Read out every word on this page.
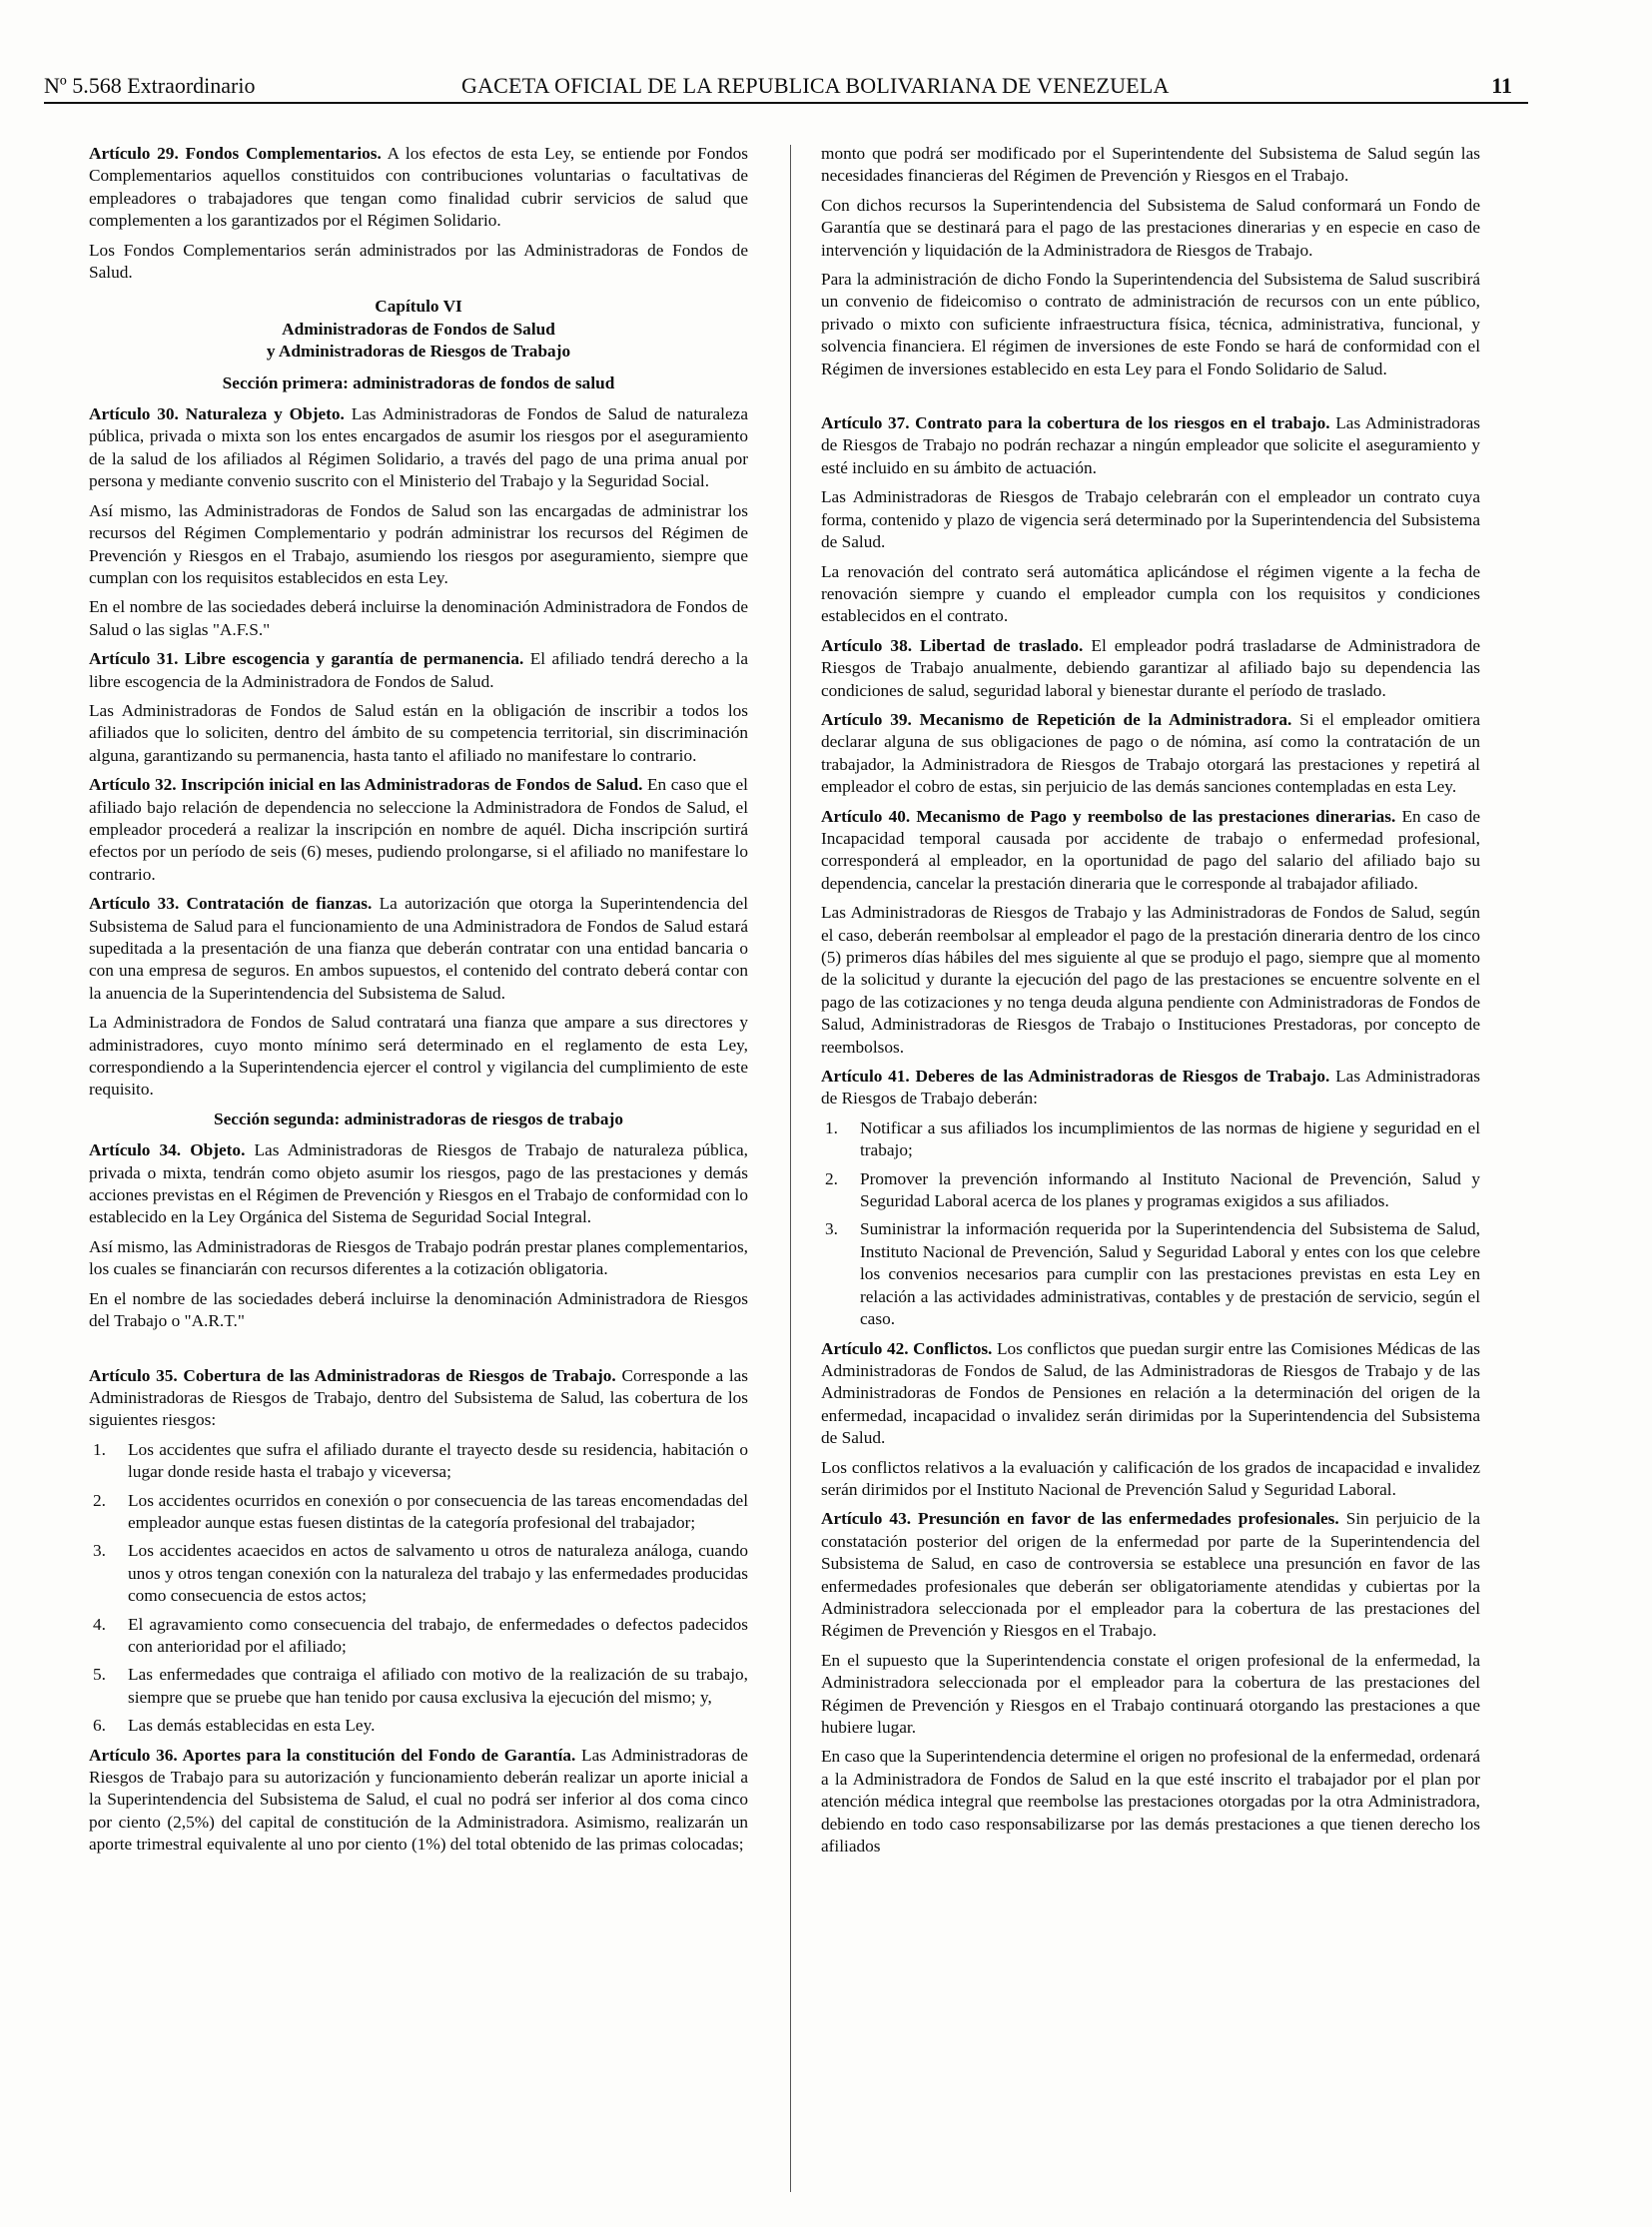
Nº 5.568 Extraordinario	GACETA OFICIAL DE LA REPUBLICA BOLIVARIANA DE VENEZUELA	11

Artículo 29. Fondos Complementarios. A los efectos de esta Ley, se entiende por Fondos Complementarios aquellos constituidos con contribuciones voluntarias o facultativas de empleadores o trabajadores que tengan como finalidad cubrir servicios de salud que complementen a los garantizados por el Régimen Solidario.

Los Fondos Complementarios serán administrados por las Administradoras de Fondos de Salud.

Capítulo VI

Administradoras de Fondos de Salud

y Administradoras de Riesgos de Trabajo

Sección primera: administradoras de fondos de salud

Artículo 30. Naturaleza y Objeto. Las Administradoras de Fondos de Salud de naturaleza pública, privada o mixta son los entes encargados de asumir los riesgos por el aseguramiento de la salud de los afiliados al Régimen Solidario, a través del pago de una prima anual por persona y mediante convenio suscrito con el Ministerio del Trabajo y la Seguridad Social.

Así mismo, las Administradoras de Fondos de Salud son las encargadas de administrar los recursos del Régimen Complementario y podrán administrar los recursos del Régimen de Prevención y Riesgos en el Trabajo, asumiendo los riesgos por aseguramiento, siempre que cumplan con los requisitos establecidos en esta Ley.

En el nombre de las sociedades deberá incluirse la denominación Administradora de Fondos de Salud o las siglas "A.F.S."

Artículo 31. Libre escogencia y garantía de permanencia. El afiliado tendrá derecho a la libre escogencia de la Administradora de Fondos de Salud.

Las Administradoras de Fondos de Salud están en la obligación de inscribir a todos los afiliados que lo soliciten, dentro del ámbito de su competencia territorial, sin discriminación alguna, garantizando su permanencia, hasta tanto el afiliado no manifestare lo contrario.

Artículo 32. Inscripción inicial en las Administradoras de Fondos de Salud. En caso que el afiliado bajo relación de dependencia no seleccione la Administradora de Fondos de Salud, el empleador procederá a realizar la inscripción en nombre de aquél. Dicha inscripción surtirá efectos por un período de seis (6) meses, pudiendo prolongarse, si el afiliado no manifestare lo contrario.

Artículo 33. Contratación de fianzas. La autorización que otorga la Superintendencia del Subsistema de Salud para el funcionamiento de una Administradora de Fondos de Salud estará supeditada a la presentación de una fianza que deberán contratar con una entidad bancaria o con una empresa de seguros. En ambos supuestos, el contenido del contrato deberá contar con la anuencia de la Superintendencia del Subsistema de Salud.

La Administradora de Fondos de Salud contratará una fianza que ampare a sus directores y administradores, cuyo monto mínimo será determinado en el reglamento de esta Ley, correspondiendo a la Superintendencia ejercer el control y vigilancia del cumplimiento de este requisito.

Sección segunda: administradoras de riesgos de trabajo

Artículo 34. Objeto. Las Administradoras de Riesgos de Trabajo de naturaleza pública, privada o mixta, tendrán como objeto asumir los riesgos, pago de las prestaciones y demás acciones previstas en el Régimen de Prevención y Riesgos en el Trabajo de conformidad con lo establecido en la Ley Orgánica del Sistema de Seguridad Social Integral.

Así mismo, las Administradoras de Riesgos de Trabajo podrán prestar planes complementarios, los cuales se financiarán con recursos diferentes a la cotización obligatoria.

En el nombre de las sociedades deberá incluirse la denominación Administradora de Riesgos del Trabajo o "A.R.T."

Artículo 35. Cobertura de las Administradoras de Riesgos de Trabajo. Corresponde a las Administradoras de Riesgos de Trabajo, dentro del Subsistema de Salud, las cobertura de los siguientes riesgos:

1. Los accidentes que sufra el afiliado durante el trayecto desde su residencia, habitación o lugar donde reside hasta el trabajo y viceversa;
2. Los accidentes ocurridos en conexión o por consecuencia de las tareas encomendadas del empleador aunque estas fuesen distintas de la categoría profesional del trabajador;
3. Los accidentes acaecidos en actos de salvamento u otros de naturaleza análoga, cuando unos y otros tengan conexión con la naturaleza del trabajo y las enfermedades producidas como consecuencia de estos actos;
4. El agravamiento como consecuencia del trabajo, de enfermedades o defectos padecidos con anterioridad por el afiliado;
5. Las enfermedades que contraiga el afiliado con motivo de la realización de su trabajo, siempre que se pruebe que han tenido por causa exclusiva la ejecución del mismo; y,
6. Las demás establecidas en esta Ley.

Artículo 36. Aportes para la constitución del Fondo de Garantía. Las Administradoras de Riesgos de Trabajo para su autorización y funcionamiento deberán realizar un aporte inicial a la Superintendencia del Subsistema de Salud, el cual no podrá ser inferior al dos coma cinco por ciento (2,5%) del capital de constitución de la Administradora. Asimismo, realizarán un aporte trimestral equivalente al uno por ciento (1%) del total obtenido de las primas colocadas;

monto que podrá ser modificado por el Superintendente del Subsistema de Salud según las necesidades financieras del Régimen de Prevención y Riesgos en el Trabajo.

Con dichos recursos la Superintendencia del Subsistema de Salud conformará un Fondo de Garantía que se destinará para el pago de las prestaciones dinerarias y en especie en caso de intervención y liquidación de la Administradora de Riesgos de Trabajo.

Para la administración de dicho Fondo la Superintendencia del Subsistema de Salud suscribirá un convenio de fideicomiso o contrato de administración de recursos con un ente público, privado o mixto con suficiente infraestructura física, técnica, administrativa, funcional, y solvencia financiera. El régimen de inversiones de este Fondo se hará de conformidad con el Régimen de inversiones establecido en esta Ley para el Fondo Solidario de Salud.

Artículo 37. Contrato para la cobertura de los riesgos en el trabajo. Las Administradoras de Riesgos de Trabajo no podrán rechazar a ningún empleador que solicite el aseguramiento y esté incluido en su ámbito de actuación.

Las Administradoras de Riesgos de Trabajo celebrarán con el empleador un contrato cuya forma, contenido y plazo de vigencia será determinado por la Superintendencia del Subsistema de Salud.

La renovación del contrato será automática aplicándose el régimen vigente a la fecha de renovación siempre y cuando el empleador cumpla con los requisitos y condiciones establecidos en el contrato.

Artículo 38. Libertad de traslado. El empleador podrá trasladarse de Administradora de Riesgos de Trabajo anualmente, debiendo garantizar al afiliado bajo su dependencia las condiciones de salud, seguridad laboral y bienestar durante el período de traslado.

Artículo 39. Mecanismo de Repetición de la Administradora. Si el empleador omitiera declarar alguna de sus obligaciones de pago o de nómina, así como la contratación de un trabajador, la Administradora de Riesgos de Trabajo otorgará las prestaciones y repetirá al empleador el cobro de estas, sin perjuicio de las demás sanciones contempladas en esta Ley.

Artículo 40. Mecanismo de Pago y reembolso de las prestaciones dinerarias. En caso de Incapacidad temporal causada por accidente de trabajo o enfermedad profesional, corresponderá al empleador, en la oportunidad de pago del salario del afiliado bajo su dependencia, cancelar la prestación dineraria que le corresponde al trabajador afiliado.

Las Administradoras de Riesgos de Trabajo y las Administradoras de Fondos de Salud, según el caso, deberán reembolsar al empleador el pago de la prestación dineraria dentro de los cinco (5) primeros días hábiles del mes siguiente al que se produjo el pago, siempre que al momento de la solicitud y durante la ejecución del pago de las prestaciones se encuentre solvente en el pago de las cotizaciones y no tenga deuda alguna pendiente con Administradoras de Fondos de Salud, Administradoras de Riesgos de Trabajo o Instituciones Prestadoras, por concepto de reembolsos.

Artículo 41. Deberes de las Administradoras de Riesgos de Trabajo. Las Administradoras de Riesgos de Trabajo deberán:

1. Notificar a sus afiliados los incumplimientos de las normas de higiene y seguridad en el trabajo;
2. Promover la prevención informando al Instituto Nacional de Prevención, Salud y Seguridad Laboral acerca de los planes y programas exigidos a sus afiliados.
3. Suministrar la información requerida por la Superintendencia del Subsistema de Salud, Instituto Nacional de Prevención, Salud y Seguridad Laboral y entes con los que celebre los convenios necesarios para cumplir con las prestaciones previstas en esta Ley en relación a las actividades administrativas, contables y de prestación de servicio, según el caso.

Artículo 42. Conflictos. Los conflictos que puedan surgir entre las Comisiones Médicas de las Administradoras de Fondos de Salud, de las Administradoras de Riesgos de Trabajo y de las Administradoras de Fondos de Pensiones en relación a la determinación del origen de la enfermedad, incapacidad o invalidez serán dirimidas por la Superintendencia del Subsistema de Salud.

Los conflictos relativos a la evaluación y calificación de los grados de incapacidad e invalidez serán dirimidos por el Instituto Nacional de Prevención Salud y Seguridad Laboral.

Artículo 43. Presunción en favor de las enfermedades profesionales. Sin perjuicio de la constatación posterior del origen de la enfermedad por parte de la Superintendencia del Subsistema de Salud, en caso de controversia se establece una presunción en favor de las enfermedades profesionales que deberán ser obligatoriamente atendidas y cubiertas por la Administradora seleccionada por el empleador para la cobertura de las prestaciones del Régimen de Prevención y Riesgos en el Trabajo.

En el supuesto que la Superintendencia constate el origen profesional de la enfermedad, la Administradora seleccionada por el empleador para la cobertura de las prestaciones del Régimen de Prevención y Riesgos en el Trabajo continuará otorgando las prestaciones a que hubiere lugar.

En caso que la Superintendencia determine el origen no profesional de la enfermedad, ordenará a la Administradora de Fondos de Salud en la que esté inscrito el trabajador por el plan por atención médica integral que reembolse las prestaciones otorgadas por la otra Administradora, debiendo en todo caso responsabilizarse por las demás prestaciones a que tienen derecho los afiliados
